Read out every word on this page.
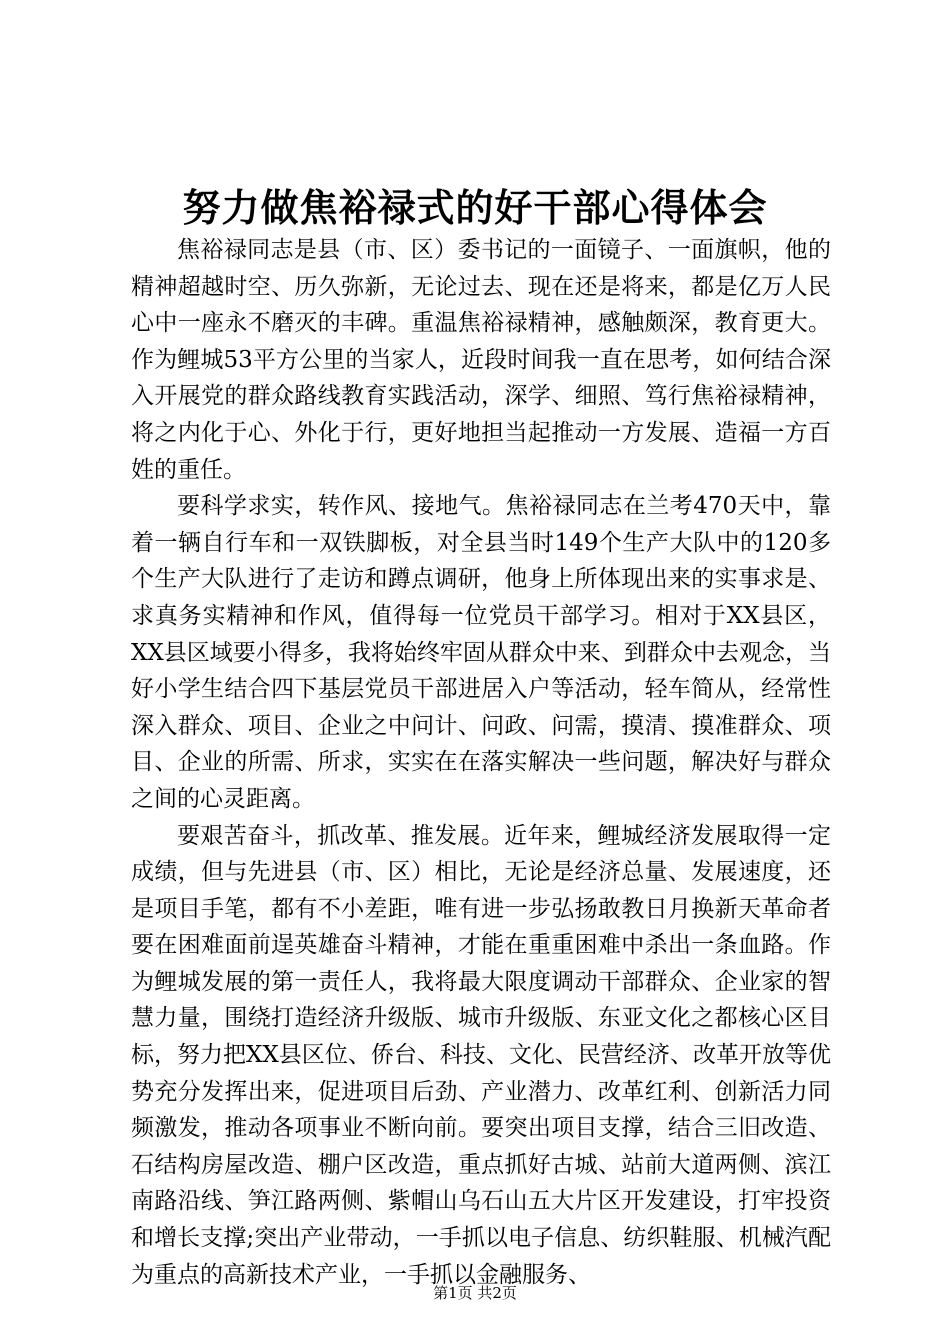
努力做焦裕禄式的好干部心得体会

焦裕禄同志是县（市、区）委书记的一面镜子、一面旗帜，他的精神超越时空、历久弥新，无论过去、现在还是将来，都是亿万人民心中一座永不磨灭的丰碑。重温焦裕禄精神，感触颇深，教育更大。作为鲤城53平方公里的当家人，近段时间我一直在思考，如何结合深入开展党的群众路线教育实践活动，深学、细照、笃行焦裕禄精神，将之内化于心、外化于行，更好地担当起推动一方发展、造福一方百姓的重任。

要科学求实，转作风、接地气。焦裕禄同志在兰考470天中，靠着一辆自行车和一双铁脚板，对全县当时149个生产大队中的120多个生产大队进行了走访和蹲点调研，他身上所体现出来的实事求是、求真务实精神和作风，值得每一位党员干部学习。相对于XX县区，XX县区域要小得多，我将始终牢固从群众中来、到群众中去观念，当好小学生结合四下基层党员干部进居入户等活动，轻车简从，经常性深入群众、项目、企业之中问计、问政、问需，摸清、摸准群众、项目、企业的所需、所求，实实在在落实解决一些问题，解决好与群众之间的心灵距离。

要艰苦奋斗，抓改革、推发展。近年来，鲤城经济发展取得一定成绩，但与先进县（市、区）相比，无论是经济总量、发展速度，还是项目手笔，都有不小差距，唯有进一步弘扬敢教日月换新天革命者要在困难面前逞英雄奋斗精神，才能在重重困难中杀出一条血路。作为鲤城发展的第一责任人，我将最大限度调动干部群众、企业家的智慧力量，围绕打造经济升级版、城市升级版、东亚文化之都核心区目标，努力把XX县区位、侨台、科技、文化、民营经济、改革开放等优势充分发挥出来，促进项目后劲、产业潜力、改革红利、创新活力同频激发，推动各项事业不断向前。要突出项目支撑，结合三旧改造、石结构房屋改造、棚户区改造，重点抓好古城、站前大道两侧、滨江南路沿线、笋江路两侧、紫帽山乌石山五大片区开发建设，打牢投资和增长支撑;突出产业带动，一手抓以电子信息、纺织鞋服、机械汽配为重点的高新技术产业，一手抓以金融服务、

第1页 共2页
